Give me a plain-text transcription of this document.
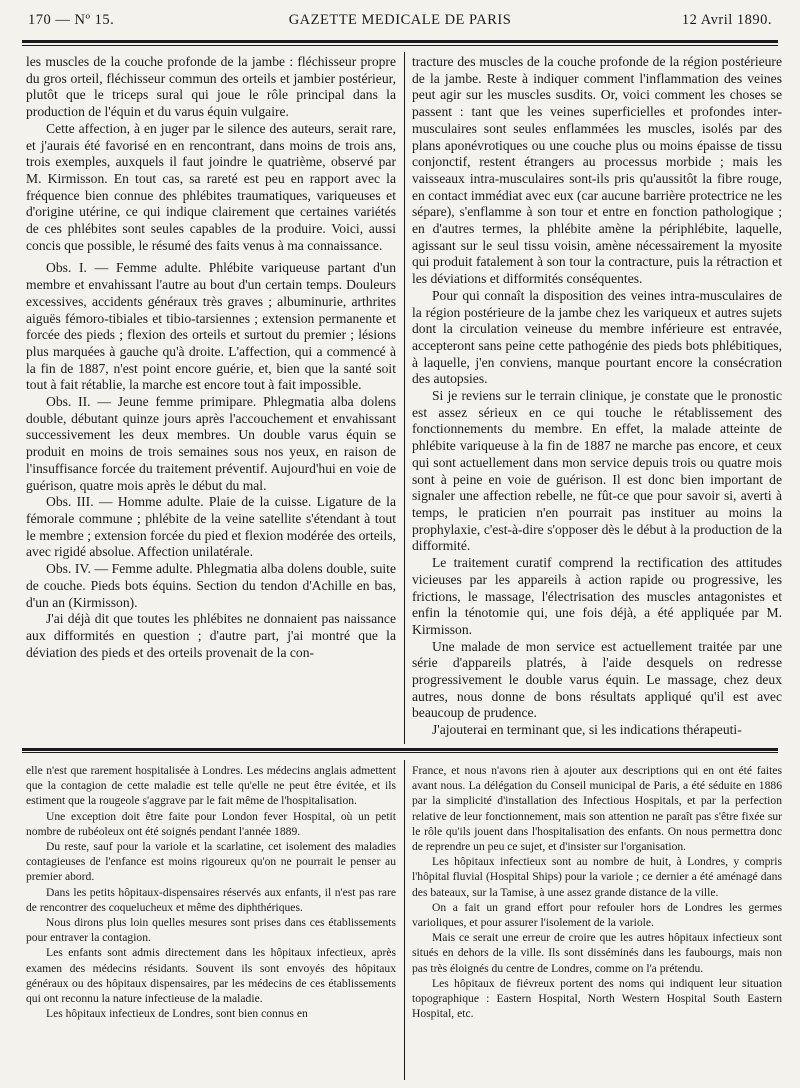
170 — Nº 15.	GAZETTE MEDICALE DE PARIS	12 Avril 1890.

les muscles de la couche profonde de la jambe : fléchisseur propre du gros orteil, fléchisseur commun des orteils et jambier postérieur, plutôt que le triceps sural qui joue le rôle principal dans la production de l'équin et du varus équin vulgaire.

Cette affection, à en juger par le silence des auteurs, serait rare, et j'aurais été favorisé en en rencontrant, dans moins de trois ans, trois exemples, auxquels il faut joindre le quatrième, observé par M. Kirmisson. En tout cas, sa rareté est peu en rapport avec la fréquence bien connue des phlébites traumatiques, variqueuses et d'origine utérine, ce qui indique clairement que certaines variétés de ces phlébites sont seules capables de la produire. Voici, aussi concis que possible, le résumé des faits venus à ma connaissance.

Obs. I. — Femme adulte. Phlébite variqueuse partant d'un membre et envahissant l'autre au bout d'un certain temps. Douleurs excessives, accidents généraux très graves ; albuminurie, arthrites aiguës fémoro-tibiales et tibio-tarsiennes ; extension permanente et forcée des pieds ; flexion des orteils et surtout du premier ; lésions plus marquées à gauche qu'à droite. L'affection, qui a commencé à la fin de 1887, n'est point encore guérie, et, bien que la santé soit tout à fait rétablie, la marche est encore tout à fait impossible.

Obs. II. — Jeune femme primipare. Phlegmatia alba dolens double, débutant quinze jours après l'accouchement et envahissant successivement les deux membres. Un double varus équin se produit en moins de trois semaines sous nos yeux, en raison de l'insuffisance forcée du traitement préventif. Aujourd'hui en voie de guérison, quatre mois après le début du mal.

Obs. III. — Homme adulte. Plaie de la cuisse. Ligature de la fémorale commune ; phlébite de la veine satellite s'étendant à tout le membre ; extension forcée du pied et flexion modérée des orteils, avec rigidé absolue. Affection unilatérale.

Obs. IV. — Femme adulte. Phlegmatia alba dolens double, suite de couche. Pieds bots équins. Section du tendon d'Achille en bas, d'un an (Kirmisson).

J'ai déjà dit que toutes les phlébites ne donnaient pas naissance aux difformités en question ; d'autre part, j'ai montré que la déviation des pieds et des orteils provenait de la con-

tracture des muscles de la couche profonde de la région postérieure de la jambe. Reste à indiquer comment l'inflammation des veines peut agir sur les muscles susdits. Or, voici comment les choses se passent : tant que les veines superficielles et profondes inter-musculaires sont seules enflammées les muscles, isolés par des plans aponévrotiques ou une couche plus ou moins épaisse de tissu conjonctif, restent étrangers au processus morbide ; mais les vaisseaux intra-musculaires sont-ils pris qu'aussitôt la fibre rouge, en contact immédiat avec eux (car aucune barrière protectrice ne les sépare), s'enflamme à son tour et entre en fonction pathologique ; en d'autres termes, la phlébite amène la périphlébite, laquelle, agissant sur le seul tissu voisin, amène nécessairement la myosite qui produit fatalement à son tour la contracture, puis la rétraction et les déviations et difformités conséquentes.

Pour qui connaît la disposition des veines intra-musculaires de la région postérieure de la jambe chez les variqueux et autres sujets dont la circulation veineuse du membre inférieure est entravée, accepteront sans peine cette pathogénie des pieds bots phlébitiques, à laquelle, j'en conviens, manque pourtant encore la consécration des autopsies.

Si je reviens sur le terrain clinique, je constate que le pronostic est assez sérieux en ce qui touche le rétablissement des fonctionnements du membre. En effet, la malade atteinte de phlébite variqueuse à la fin de 1887 ne marche pas encore, et ceux qui sont actuellement dans mon service depuis trois ou quatre mois sont à peine en voie de guérison. Il est donc bien important de signaler une affection rebelle, ne fût-ce que pour savoir si, averti à temps, le praticien n'en pourrait pas instituer au moins la prophylaxie, c'est-à-dire s'opposer dès le début à la production de la difformité.

Le traitement curatif comprend la rectification des attitudes vicieuses par les appareils à action rapide ou progressive, les frictions, le massage, l'électrisation des muscles antagonistes et enfin la ténotomie qui, une fois déjà, a été appliquée par M. Kirmisson.

Une malade de mon service est actuellement traitée par une série d'appareils platrés, à l'aide desquels on redresse progressivement le double varus équin. Le massage, chez deux autres, nous donne de bons résultats appliqué qu'il est avec beaucoup de prudence.

J'ajouterai en terminant que, si les indications thérapeuti-

elle n'est que rarement hospitalisée à Londres. Les médecins anglais admettent que la contagion de cette maladie est telle qu'elle ne peut être évitée, et ils estiment que la rougeole s'aggrave par le fait même de l'hospitalisation.

Une exception doit être faite pour London fever Hospital, où un petit nombre de rubéoleux ont été soignés pendant l'année 1889.

Du reste, sauf pour la variole et la scarlatine, cet isolement des maladies contagieuses de l'enfance est moins rigoureux qu'on ne pourrait le penser au premier abord.

Dans les petits hôpitaux-dispensaires réservés aux enfants, il n'est pas rare de rencontrer des coqueluchеux et même des diphthériques.

Nous dirons plus loin quelles mesures sont prises dans ces établissements pour entraver la contagion.

Les enfants sont admis directement dans les hôpitaux infectieux, après examen des médecins résidants. Souvent ils sont envoyés des hôpitaux généraux ou des hôpitaux dispensaires, par les médecins de ces établissements qui ont reconnu la nature infectieuse de la maladie.

Les hôpitaux infectieux de Londres, sont bien connus en

France, et nous n'avons rien à ajouter aux descriptions qui en ont été faites avant nous. La délégation du Conseil municipal de Paris, a été séduite en 1886 par la simplicité d'installation des Infectious Hospitals, et par la perfection relative de leur fonctionnement, mais son attention ne paraît pas s'être fixée sur le rôle qu'ils jouent dans l'hospitalisation des enfants. On nous permettra donc de reprendre un peu ce sujet, et d'insister sur l'organisation.

Les hôpitaux infectieux sont au nombre de huit, à Londres, y compris l'hôpital fluvial (Hospital Ships) pour la variole ; ce dernier a été aménagé dans des bateaux, sur la Tamise, à une assez grande distance de la ville.

On a fait un grand effort pour refouler hors de Londres les germes varioliques, et pour assurer l'isolement de la variole.

Mais ce serait une erreur de croire que les autres hôpitaux infectieux sont situés en dehors de la ville. Ils sont disséminés dans les faubourgs, mais non pas très éloignés du centre de Londres, comme on l'a prétendu.

Les hôpitaux de fiévreux portent des noms qui indiquent leur situation topographique : Eastern Hospital, North Western Hospital South Eastern Hospital, etc.
